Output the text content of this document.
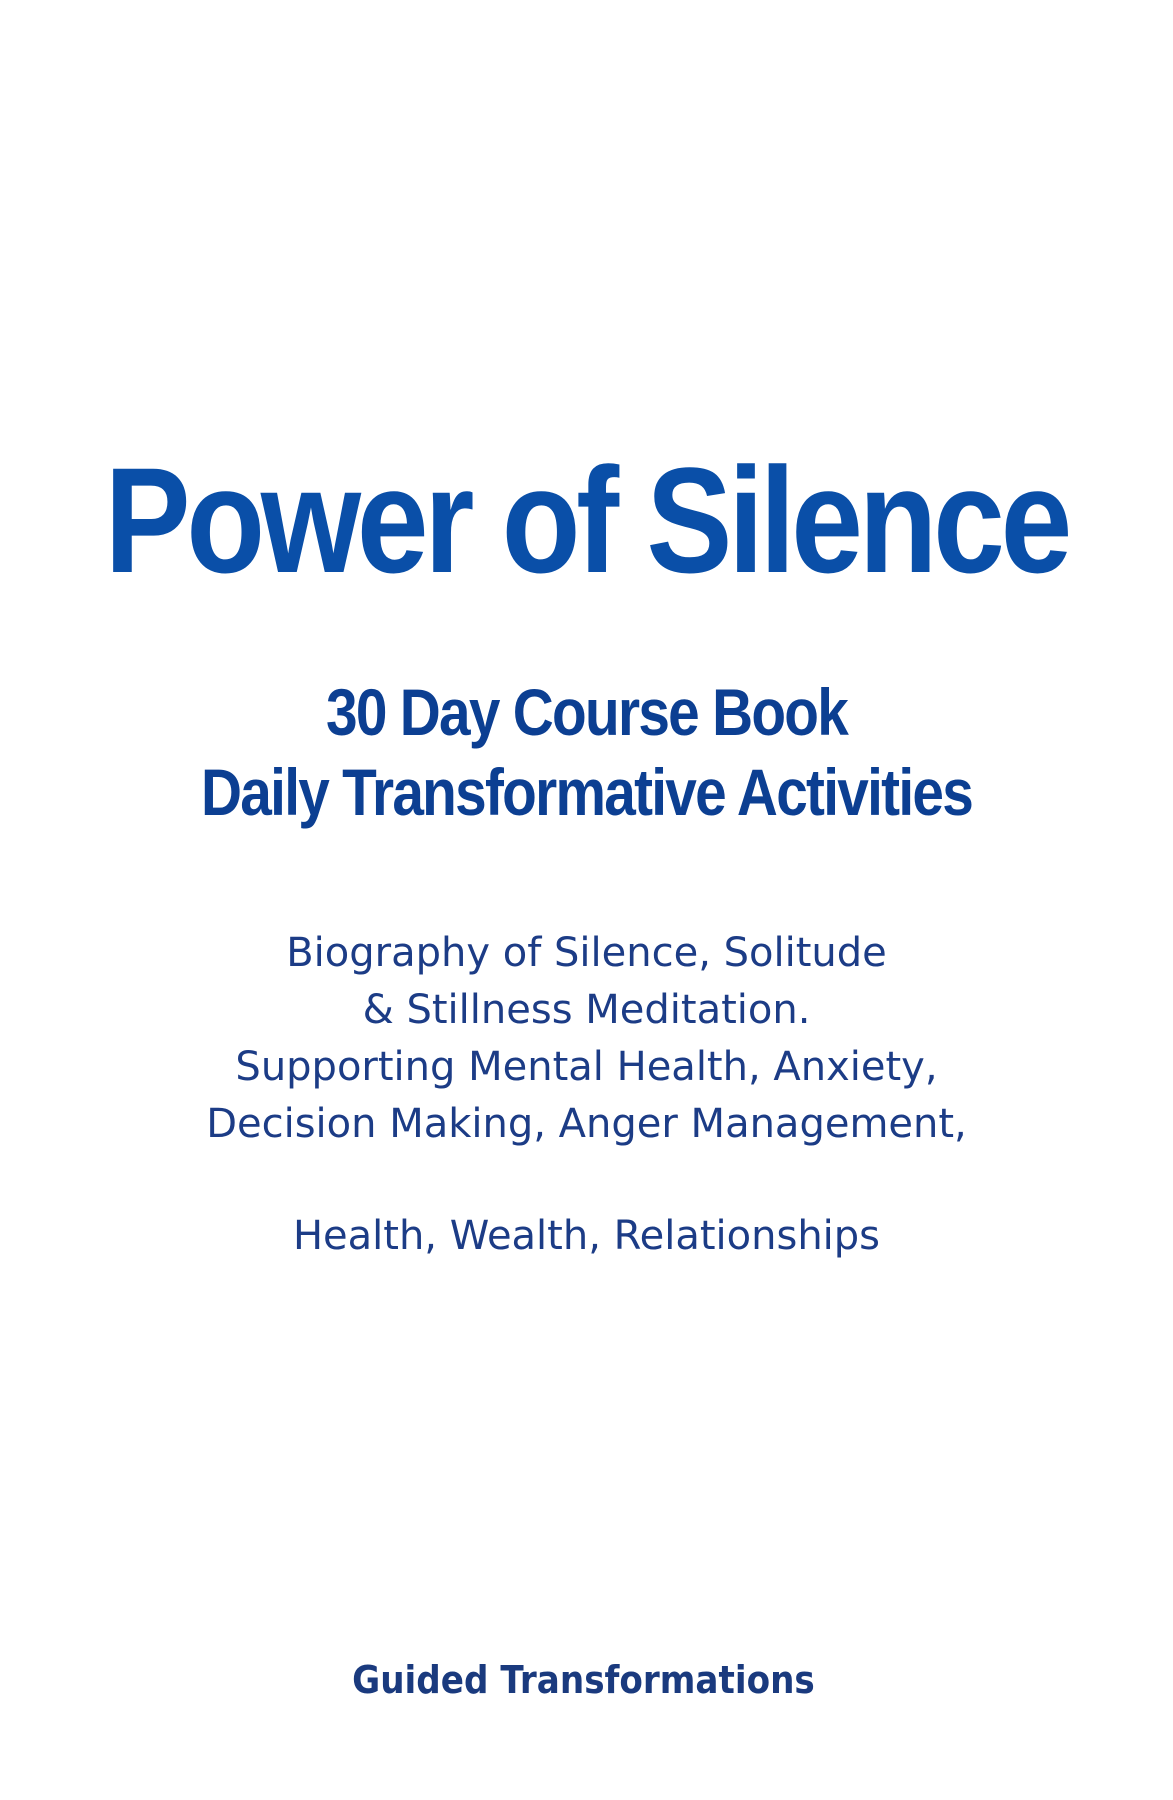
Power of Silence
30 Day Course Book
Daily Transformative Activities
Biography of Silence, Solitude
& Stillness Meditation.
Supporting Mental Health, Anxiety,
Decision Making, Anger Management,
Health, Wealth, Relationships
Guided Transformations
